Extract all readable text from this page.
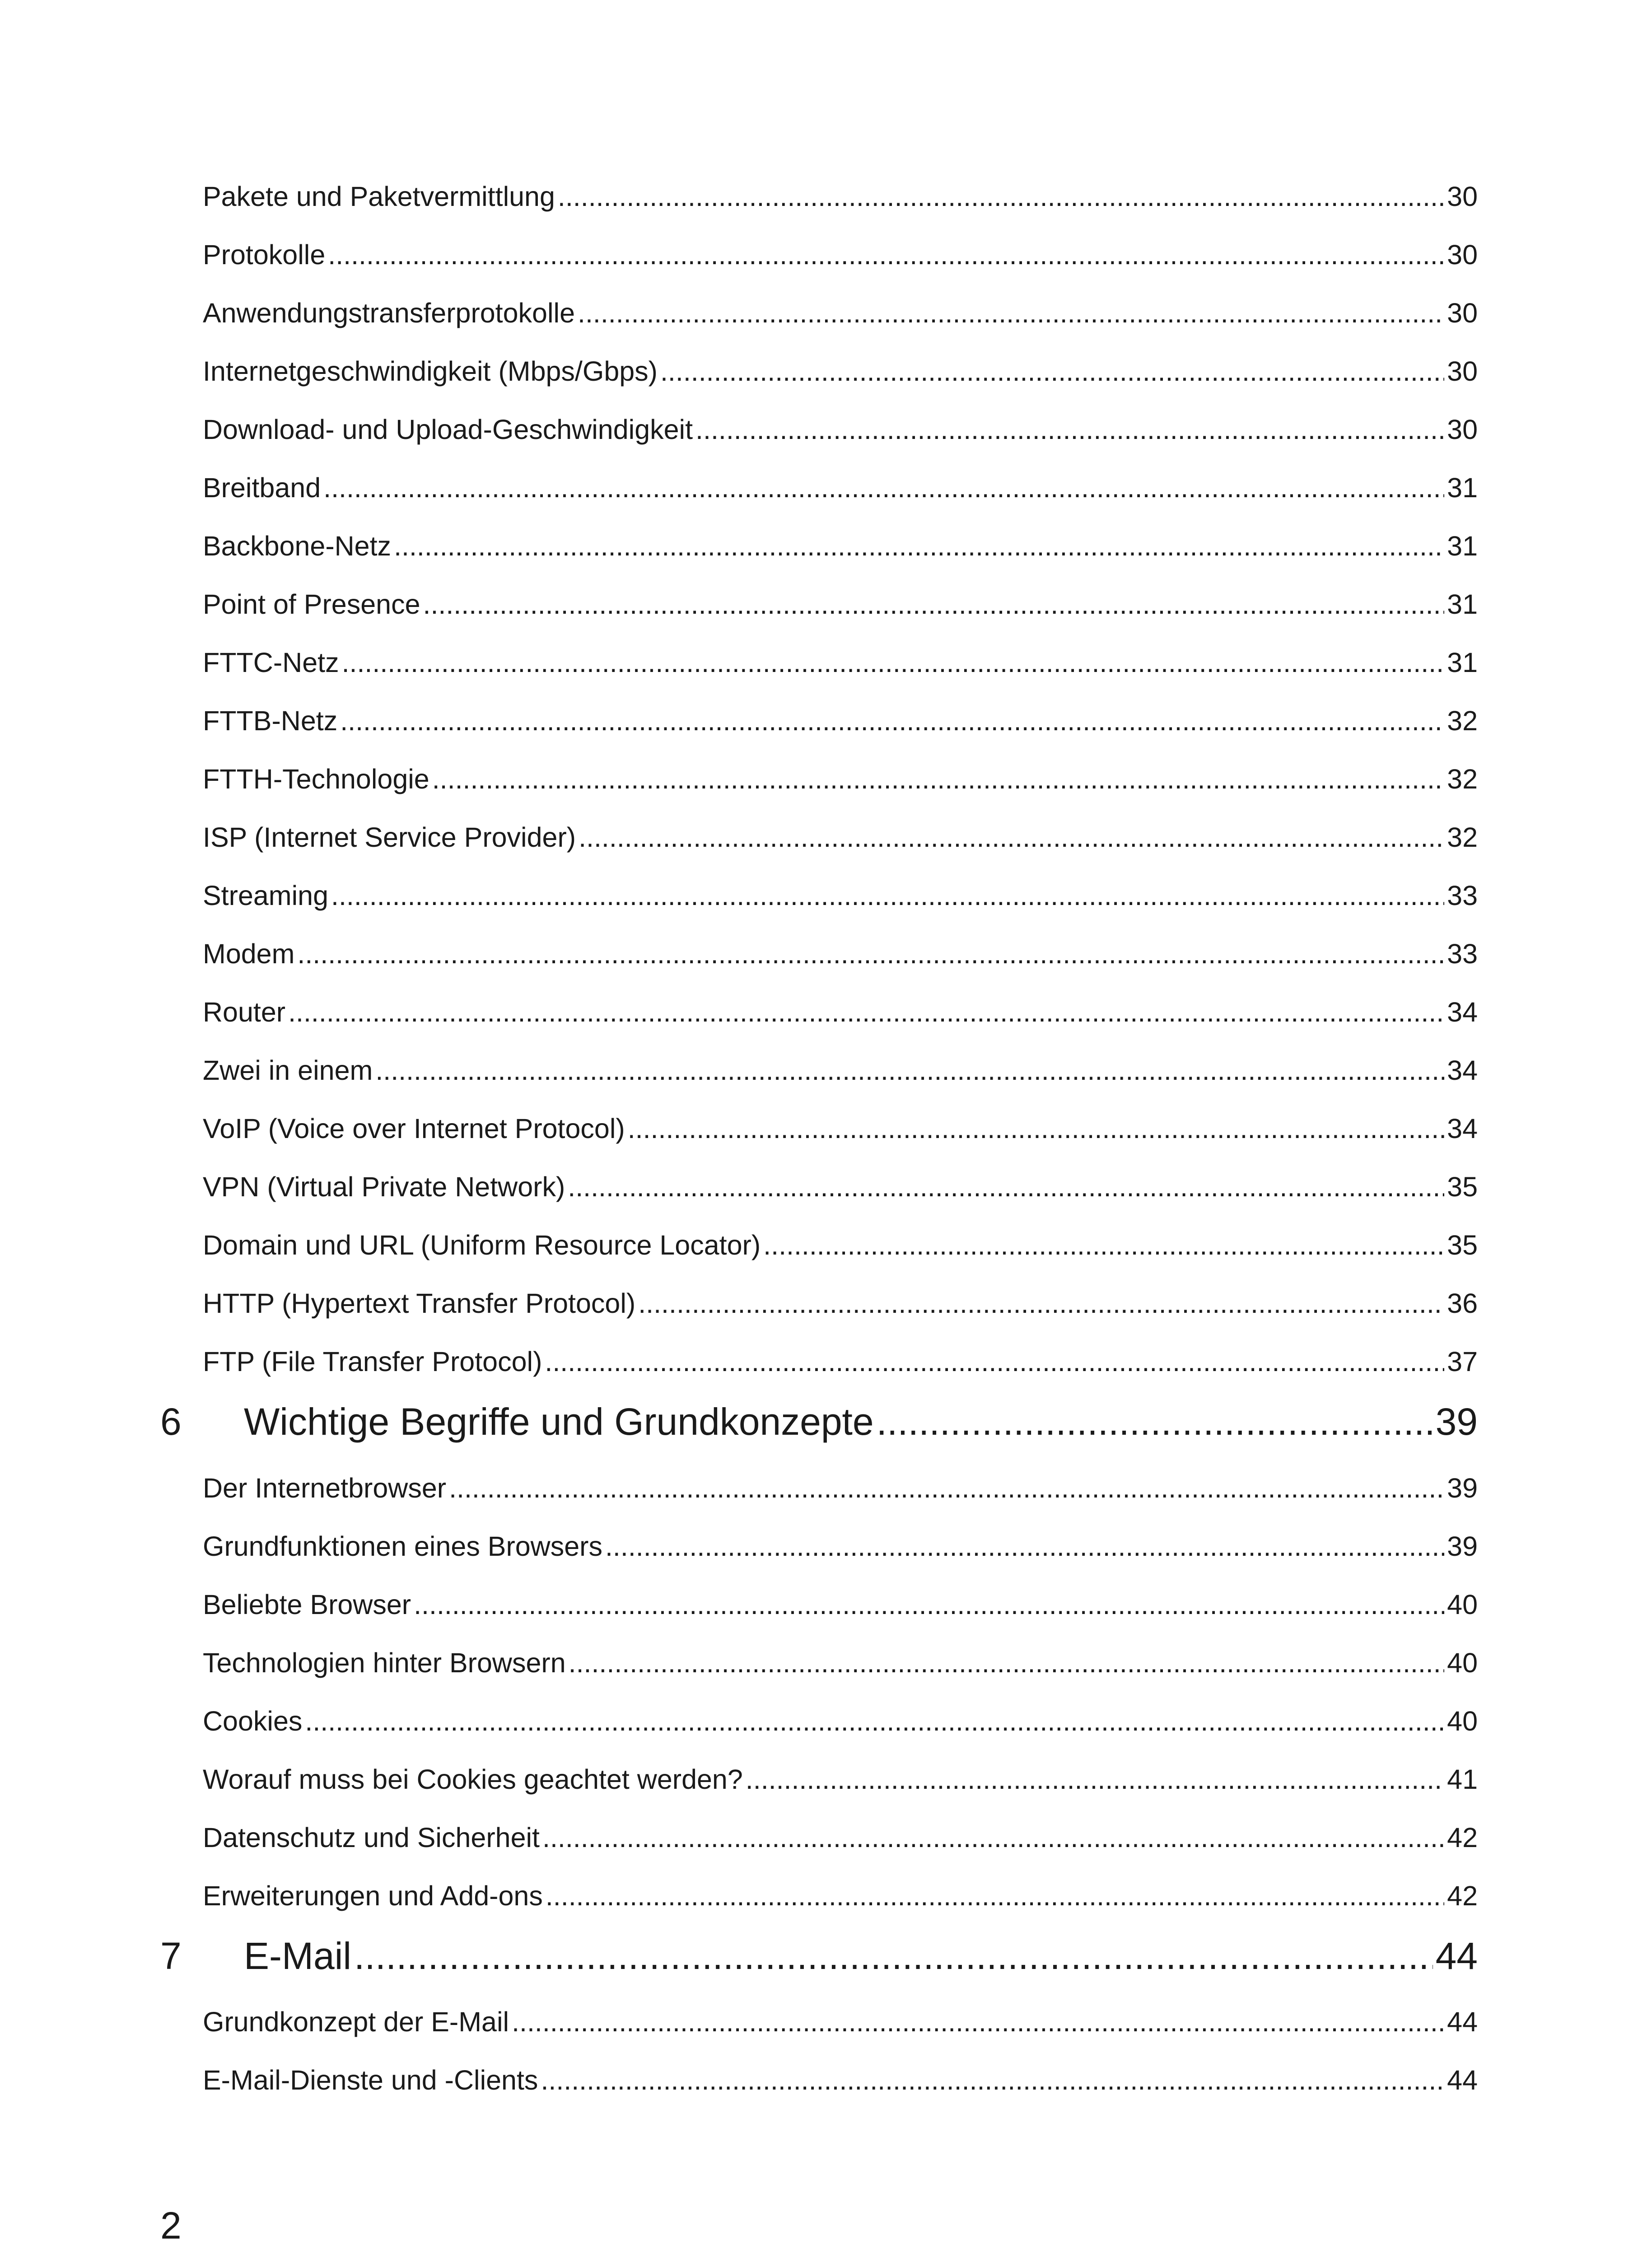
Pakete und Paketvermittlung .....	30
Protokolle .....	30
Anwendungstransferprotokolle .....	30
Internetgeschwindigkeit (Mbps/Gbps) .....	30
Download- und Upload-Geschwindigkeit .....	30
Breitband .....	31
Backbone-Netz .....	31
Point of Presence .....	31
FTTC-Netz .....	31
FTTB-Netz .....	32
FTTH-Technologie .....	32
ISP (Internet Service Provider) .....	32
Streaming .....	33
Modem .....	33
Router .....	34
Zwei in einem .....	34
VoIP (Voice over Internet Protocol) .....	34
VPN (Virtual Private Network) .....	35
Domain und URL (Uniform Resource Locator) .....	35
HTTP (Hypertext Transfer Protocol) .....	36
FTP (File Transfer Protocol) .....	37
6	Wichtige Begriffe und Grundkonzepte .....	39
Der Internetbrowser .....	39
Grundfunktionen eines Browsers .....	39
Beliebte Browser .....	40
Technologien hinter Browsern .....	40
Cookies .....	40
Worauf muss bei Cookies geachtet werden? .....	41
Datenschutz und Sicherheit .....	42
Erweiterungen und Add-ons .....	42
7	E-Mail .....	44
Grundkonzept der E-Mail .....	44
E-Mail-Dienste und -Clients .....	44
2
